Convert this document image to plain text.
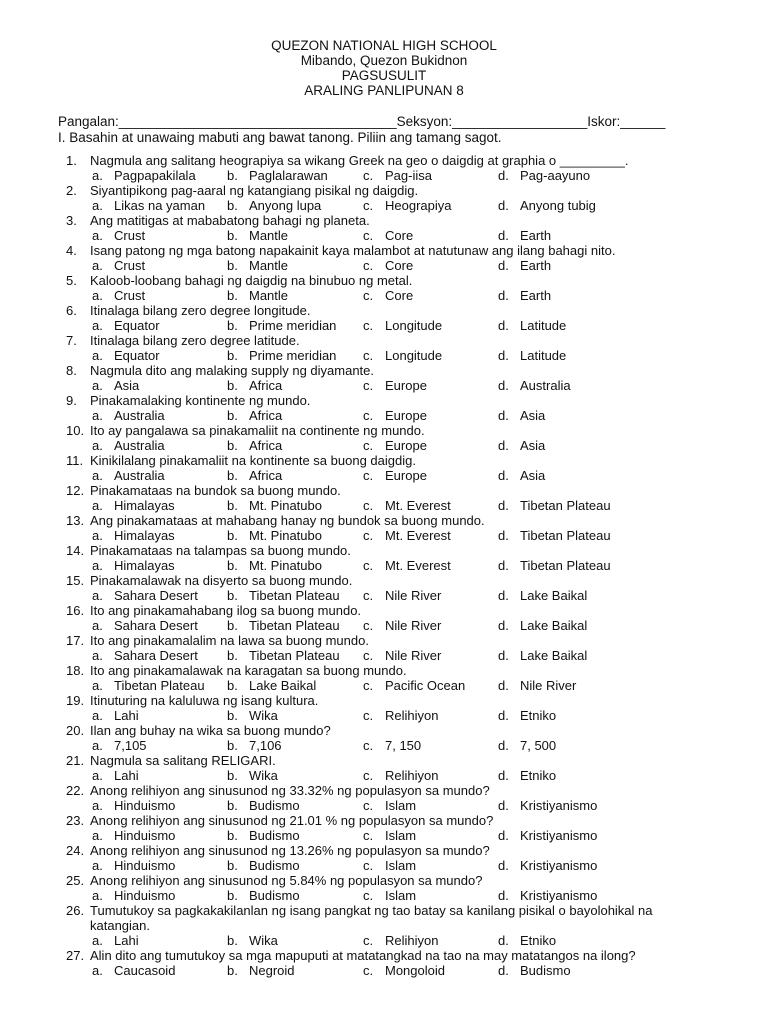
QUEZON NATIONAL HIGH SCHOOL
Mibando, Quezon Bukidnon
PAGSUSULIT
ARALING PANLIPUNAN 8
Pangalan:_____________________________________Seksyon:__________________Iskor:______
I. Basahin at unawaing mabuti ang bawat tanong. Piliin ang tamang sagot.
1. Nagmula ang salitang heograpiya sa wikang Greek na geo o daigdig at graphia o _________.
a. Pagpapakilala b. Paglalarawan	c. Pag-iisa	d. Pag-aayuno
2. Siyantipikong pag-aaral ng katangiang pisikal ng daigdig.
a. Likas na yaman b. Anyong lupa	c. Heograpiya	d. Anyong tubig
3. Ang matitigas at mababatong bahagi ng planeta.
a. Crust	b. Mantle	c. Core	d. Earth
4. Isang patong ng mga batong napakainit kaya malambot at natutunaw ang ilang bahagi nito.
a. Crust	b. Mantle	c. Core	d. Earth
5. Kaloob-loobang bahagi ng daigdig na binubuo ng metal.
a. Crust	b. Mantle	c. Core	d. Earth
6. Itinalaga bilang zero degree longitude.
a. Equator	b. Prime meridian c. Longitude	d. Latitude
7. Itinalaga bilang zero degree latitude.
a. Equator	b. Prime meridian c. Longitude	d. Latitude
8. Nagmula dito ang malaking supply ng diyamante.
a. Asia	b. Africa	c. Europe	d. Australia
9. Pinakamalaking kontinente ng mundo.
a. Australia	b. Africa	c. Europe	d. Asia
10. Ito ay pangalawa sa pinakamaliit na continente ng mundo.
a. Australia	b. Africa	c. Europe	d. Asia
11. Kinikilalang pinakamaliit na kontinente sa buong daigdig.
a. Australia	b. Africa	c. Europe	d. Asia
12. Pinakamataas na bundok sa buong mundo.
a. Himalayas	b. Mt. Pinatubo	c. Mt. Everest	d. Tibetan Plateau
13. Ang pinakamataas at mahabang hanay ng bundok sa buong mundo.
a. Himalayas	b. Mt. Pinatubo	c. Mt. Everest	d. Tibetan Plateau
14. Pinakamataas na talampas sa buong mundo.
a. Himalayas	b. Mt. Pinatubo	c. Mt. Everest	d. Tibetan Plateau
15. Pinakamalawak na disyerto sa buong mundo.
a. Sahara Desert b. Tibetan Plateau c. Nile River	d. Lake Baikal
16. Ito ang pinakamahabang ilog sa buong mundo.
a. Sahara Desert b. Tibetan Plateau c. Nile River	d. Lake Baikal
17. Ito ang pinakamalalim na lawa sa buong mundo.
a. Sahara Desert b. Tibetan Plateau c. Nile River	d. Lake Baikal
18. Ito ang pinakamalawak na karagatan sa buong mundo.
a. Tibetan Plateau b. Lake Baikal	c. Pacific Ocean	d. Nile River
19. Itinuturing na kaluluwa ng isang kultura.
a. Lahi	b. Wika	c. Relihiyon	d. Etniko
20. Ilan ang buhay na wika sa buong mundo?
a. 7,105	b. 7,106	c. 7, 150	d. 7, 500
21. Nagmula sa salitang RELIGARI.
a. Lahi	b. Wika	c. Relihiyon	d. Etniko
22. Anong relihiyon ang sinusunod ng 33.32% ng populasyon sa mundo?
a. Hinduismo	b. Budismo	c. Islam	d. Kristiyanismo
23. Anong relihiyon ang sinusunod ng 21.01 % ng populasyon sa mundo?
a. Hinduismo	b. Budismo	c. Islam	d. Kristiyanismo
24. Anong relihiyon ang sinusunod ng 13.26% ng populasyon sa mundo?
a. Hinduismo	b. Budismo	c. Islam	d. Kristiyanismo
25. Anong relihiyon ang sinusunod ng 5.84% ng populasyon sa mundo?
a. Hinduismo	b. Budismo	c. Islam	d. Kristiyanismo
26. Tumutukoy sa pagkakakilanlan ng isang pangkat ng tao batay sa kanilang pisikal o bayolohikal na katangian.
a. Lahi	b. Wika	c. Relihiyon	d. Etniko
27. Alin dito ang tumutukoy sa mga mapuputi at matatangkad na tao na may matatangos na ilong?
a. Caucasoid	b. Negroid	c. Mongoloid	d. Budismo
